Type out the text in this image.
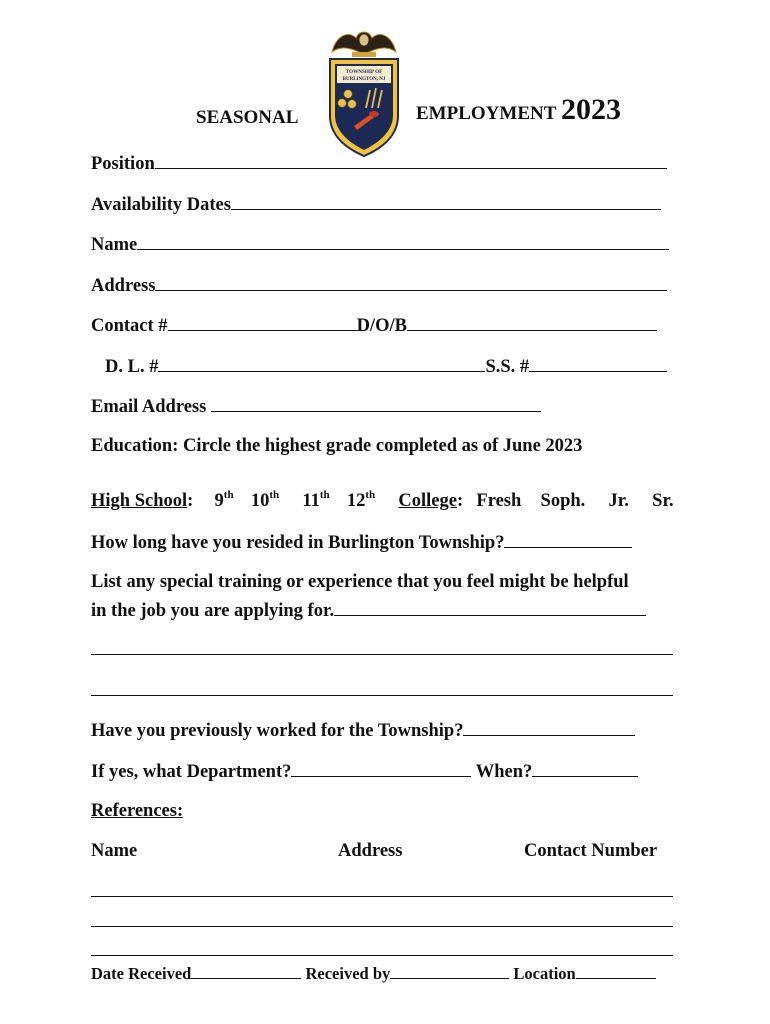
SEASONAL
TOWNSHIP OF
BURLINGTON, NJ
EMPLOYMENT 2023
Position
Availability Dates
Name
Address
Contact #	D/O/B
D. L. #	S.S. #
Email Address
Education: Circle the highest grade completed as of June 2023
High School: 9th 10th 11th 12th College: Fresh Soph. Jr. Sr.
How long have you resided in Burlington Township?
List any special training or experience that you feel might be helpful
in the job you are applying for.
Have you previously worked for the Township?
If yes, what Department?	When?
References:
Name	Address	Contact Number
Date Received	Received by	Location
